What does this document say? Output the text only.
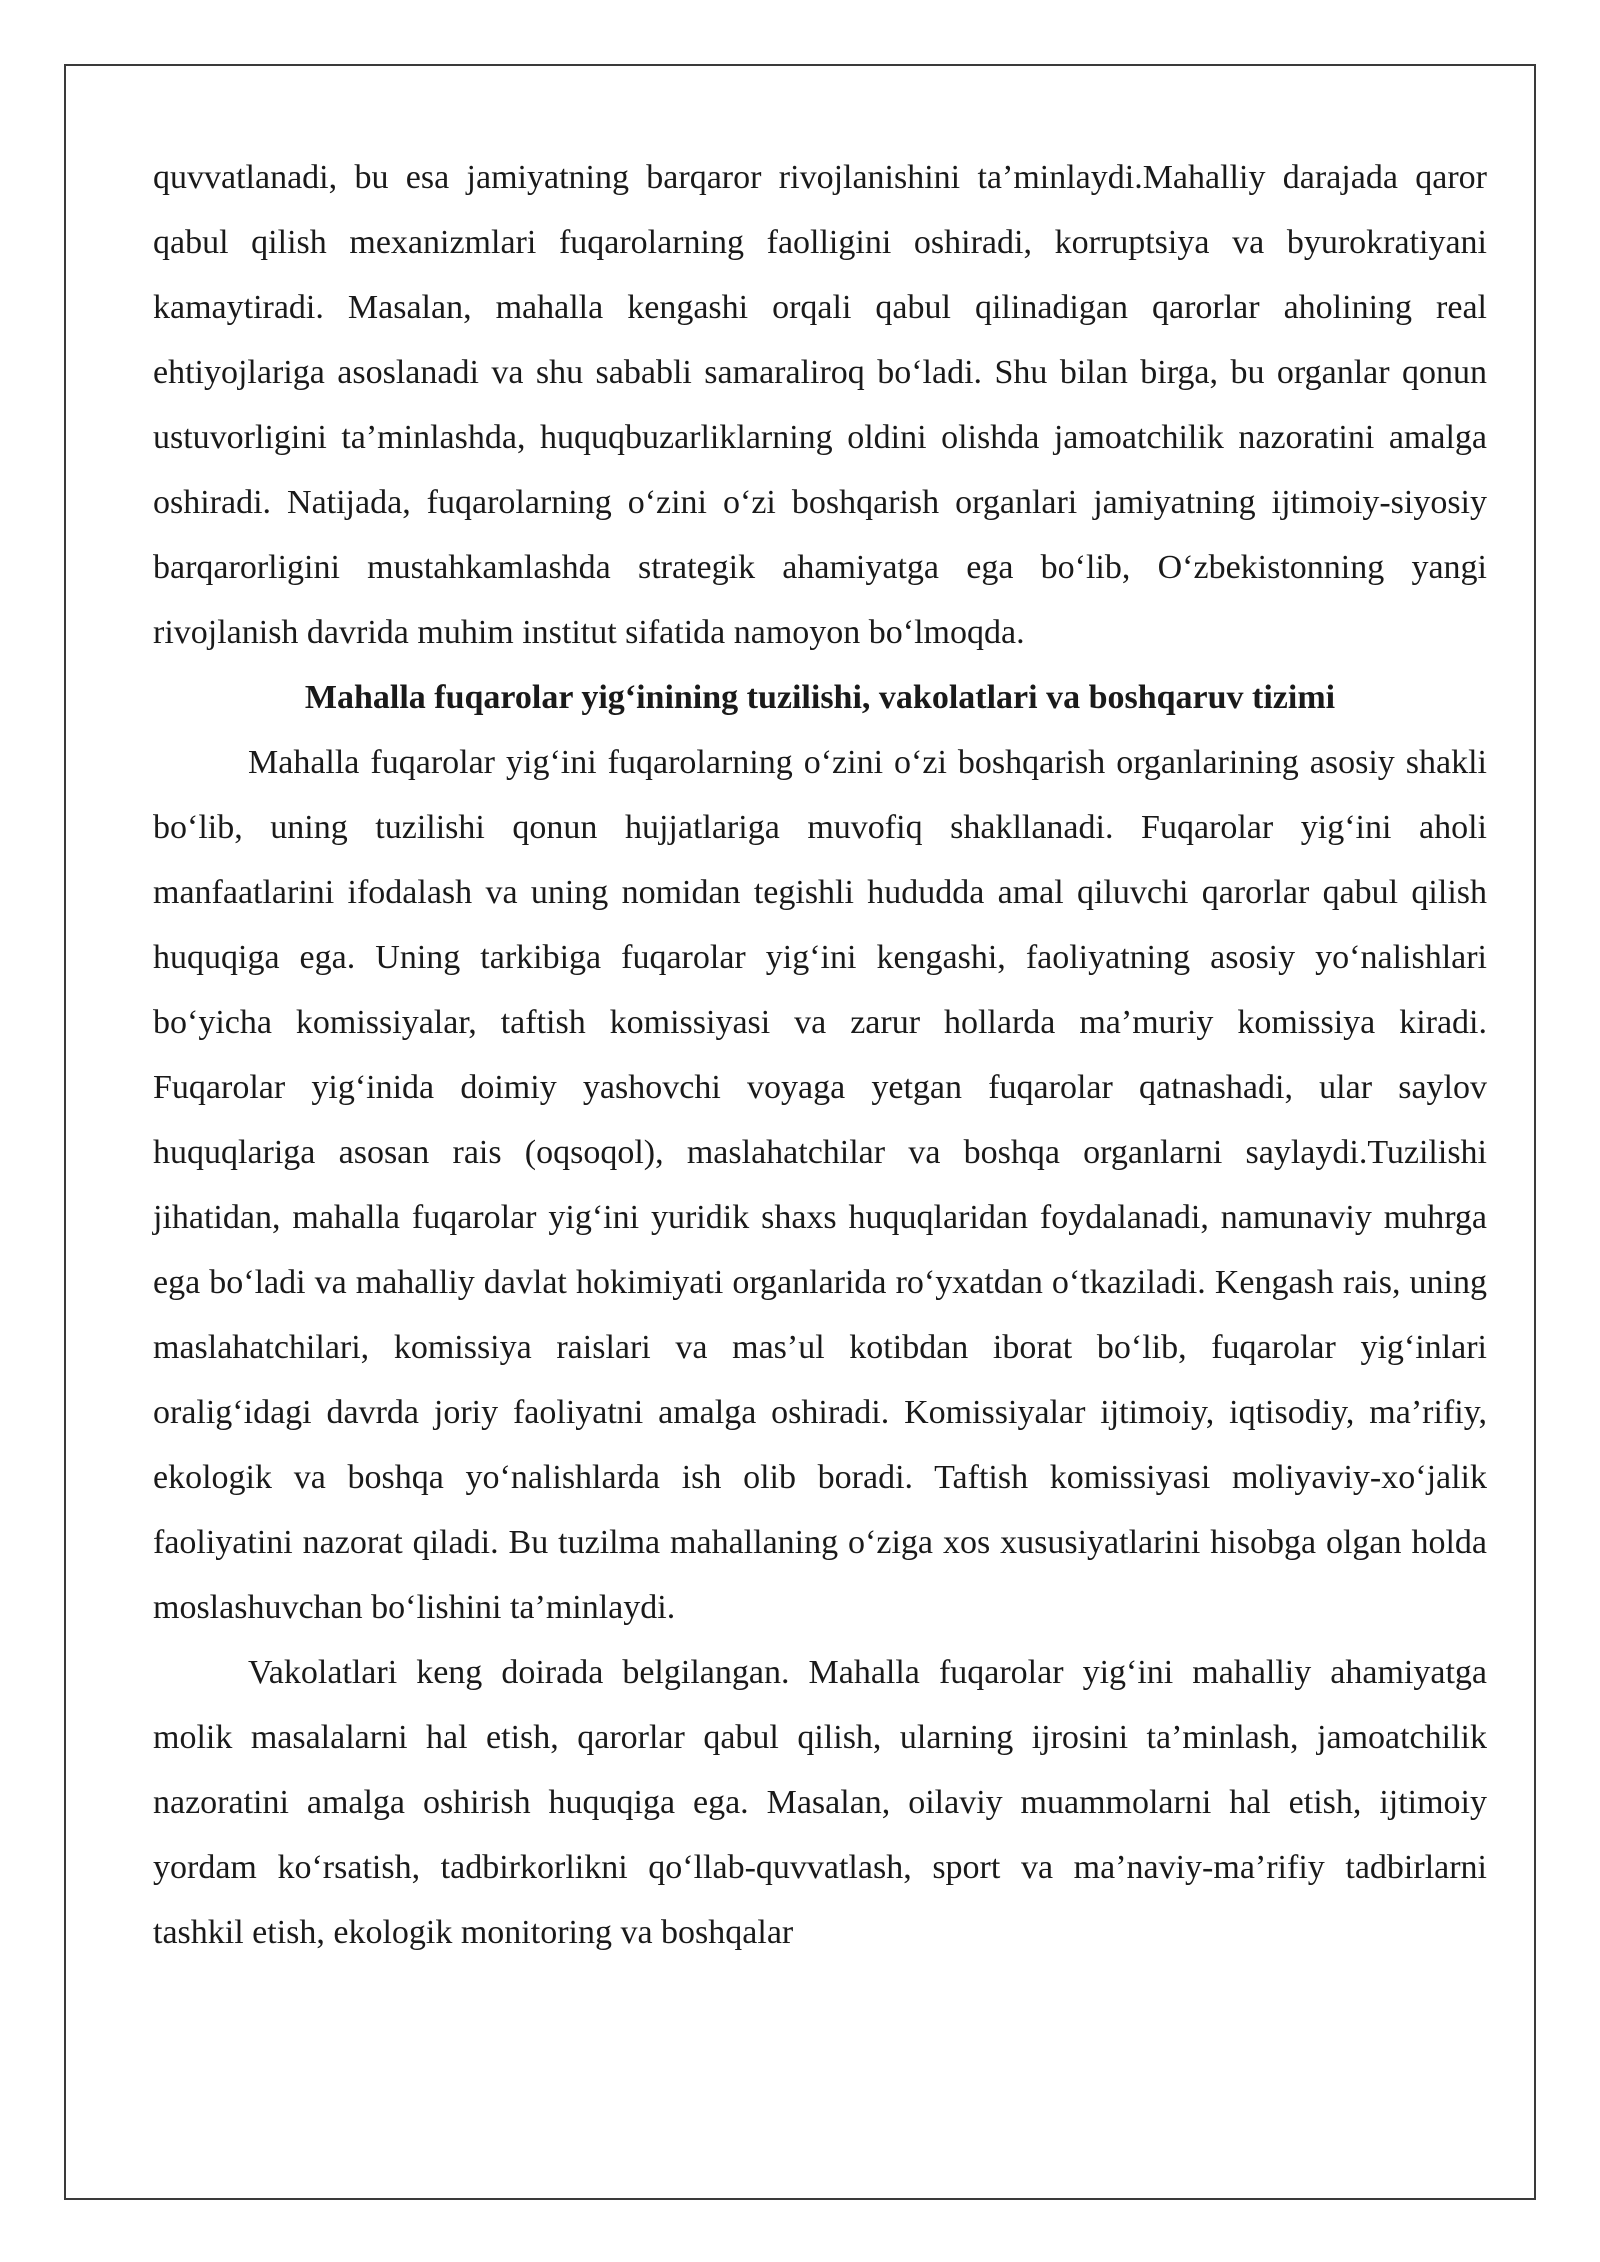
quvvatlanadi, bu esa jamiyatning barqaror rivojlanishini ta’minlaydi.Mahalliy darajada qaror qabul qilish mexanizmlari fuqarolarning faolligini oshiradi, korruptsiya va byurokratiyani kamaytiradi. Masalan, mahalla kengashi orqali qabul qilinadigan qarorlar aholining real ehtiyojlariga asoslanadi va shu sababli samaraliroq bo‘ladi. Shu bilan birga, bu organlar qonun ustuvorligini ta’minlashda, huquqbuzarliklarning oldini olishda jamoatchilik nazoratini amalga oshiradi. Natijada, fuqarolarning o‘zini o‘zi boshqarish organlari jamiyatning ijtimoiy-siyosiy barqarorligini mustahkamlashda strategik ahamiyatga ega bo‘lib, O‘zbekistonning yangi rivojlanish davrida muhim institut sifatida namoyon bo‘lmoqda.

Mahalla fuqarolar yig‘inining tuzilishi, vakolatlari va boshqaruv tizimi

Mahalla fuqarolar yig‘ini fuqarolarning o‘zini o‘zi boshqarish organlarining asosiy shakli bo‘lib, uning tuzilishi qonun hujjatlariga muvofiq shakllanadi. Fuqarolar yig‘ini aholi manfaatlarini ifodalash va uning nomidan tegishli hududda amal qiluvchi qarorlar qabul qilish huquqiga ega. Uning tarkibiga fuqarolar yig‘ini kengashi, faoliyatning asosiy yo‘nalishlari bo‘yicha komissiyalar, taftish komissiyasi va zarur hollarda ma’muriy komissiya kiradi. Fuqarolar yig‘inida doimiy yashovchi voyaga yetgan fuqarolar qatnashadi, ular saylov huquqlariga asosan rais (oqsoqol), maslahatchilar va boshqa organlarni saylaydi.Tuzilishi jihatidan, mahalla fuqarolar yig‘ini yuridik shaxs huquqlaridan foydalanadi, namunaviy muhrga ega bo‘ladi va mahalliy davlat hokimiyati organlarida ro‘yxatdan o‘tkaziladi. Kengash rais, uning maslahatchilari, komissiya raislari va mas’ul kotibdan iborat bo‘lib, fuqarolar yig‘inlari oralig‘idagi davrda joriy faoliyatni amalga oshiradi. Komissiyalar ijtimoiy, iqtisodiy, ma’rifiy, ekologik va boshqa yo‘nalishlarda ish olib boradi. Taftish komissiyasi moliyaviy-xo‘jalik faoliyatini nazorat qiladi. Bu tuzilma mahallaning o‘ziga xos xususiyatlarini hisobga olgan holda moslashuvchan bo‘lishini ta’minlaydi.

Vakolatlari keng doirada belgilangan. Mahalla fuqarolar yig‘ini mahalliy ahamiyatga molik masalalarni hal etish, qarorlar qabul qilish, ularning ijrosini ta’minlash, jamoatchilik nazoratini amalga oshirish huquqiga ega. Masalan, oilaviy muammolarni hal etish, ijtimoiy yordam ko‘rsatish, tadbirkorlikni qo‘llab-quvvatlash, sport va ma’naviy-ma’rifiy tadbirlarni tashkil etish, ekologik monitoring va boshqalar
